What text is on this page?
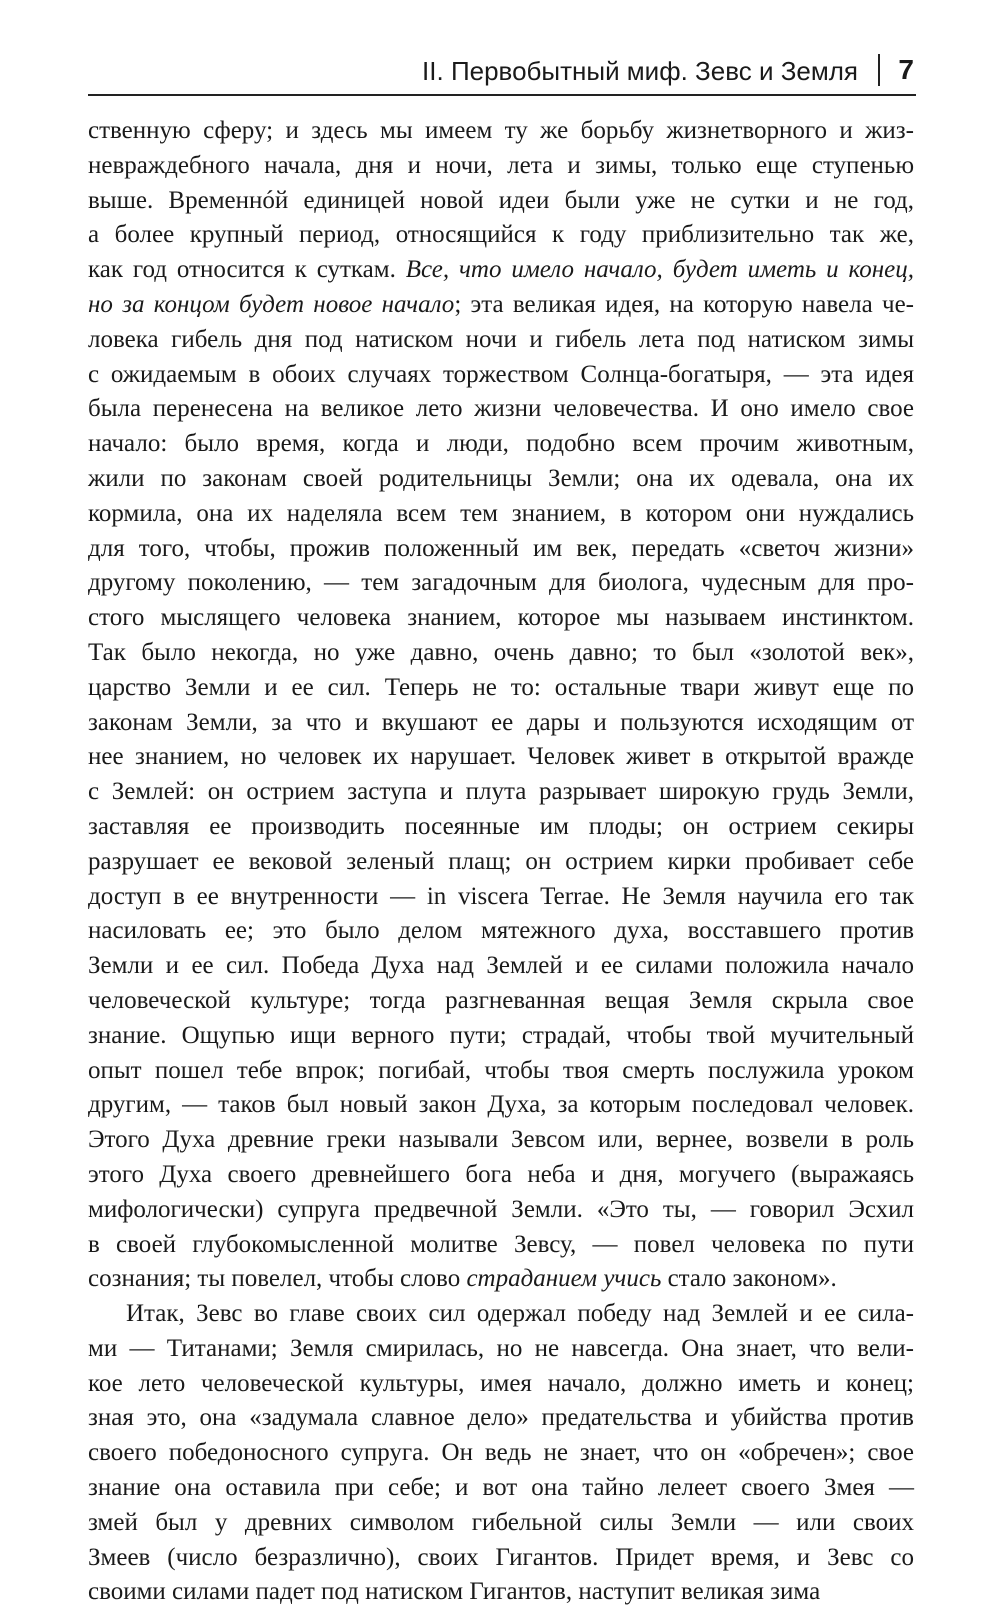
II. Первобытный миф. Зевс и Земля 7
ственную сферу; и здесь мы имеем ту же борьбу жизнетворного и жиз-
невраждебного начала, дня и ночи, лета и зимы, только еще ступенью
выше. Временнóй единицей новой идеи были уже не сутки и не год,
а более крупный период, относящийся к году приблизительно так же,
как год относится к суткам. Все, что имело начало, будет иметь и конец,
но за концом будет новое начало; эта великая идея, на которую навела че-
ловека гибель дня под натиском ночи и гибель лета под натиском зимы
с ожидаемым в обоих случаях торжеством Солнца-богатыря, — эта идея
была перенесена на великое лето жизни человечества. И оно имело свое
начало: было время, когда и люди, подобно всем прочим животным,
жили по законам своей родительницы Земли; она их одевала, она их
кормила, она их наделяла всем тем знанием, в котором они нуждались
для того, чтобы, прожив положенный им век, передать «светоч жизни»
другому поколению, — тем загадочным для биолога, чудесным для про-
стого мыслящего человека знанием, которое мы называем инстинктом.
Так было некогда, но уже давно, очень давно; то был «золотой век»,
царство Земли и ее сил. Теперь не то: остальные твари живут еще по
законам Земли, за что и вкушают ее дары и пользуются исходящим от
нее знанием, но человек их нарушает. Человек живет в открытой вражде
с Землей: он острием заступа и плута разрывает широкую грудь Земли,
заставляя ее производить посеянные им плоды; он острием секиры
разрушает ее вековой зеленый плащ; он острием кирки пробивает себе
доступ в ее внутренности — in viscera Terrae. Не Земля научила его так
насиловать ее; это было делом мятежного духа, восставшего против
Земли и ее сил. Победа Духа над Землей и ее силами положила начало
человеческой культуре; тогда разгневанная вещая Земля скрыла свое
знание. Ощупью ищи верного пути; страдай, чтобы твой мучительный
опыт пошел тебе впрок; погибай, чтобы твоя смерть послужила уроком
другим, — таков был новый закон Духа, за которым последовал человек.
Этого Духа древние греки называли Зевсом или, вернее, возвели в роль
этого Духа своего древнейшего бога неба и дня, могучего (выражаясь
мифологически) супруга предвечной Земли. «Это ты, — говорил Эсхил
в своей глубокомысленной молитве Зевсу, — повел человека по пути
сознания; ты повелел, чтобы слово страданием учись стало законом».
Итак, Зевс во главе своих сил одержал победу над Землей и ее сила-
ми — Титанами; Земля смирилась, но не навсегда. Она знает, что вели-
кое лето человеческой культуры, имея начало, должно иметь и конец;
зная это, она «задумала славное дело» предательства и убийства против
своего победоносного супруга. Он ведь не знает, что он «обречен»; свое
знание она оставила при себе; и вот она тайно лелеет своего Змея —
змей был у древних символом гибельной силы Земли — или своих
Змеев (число безразлично), своих Гигантов. Придет время, и Зевс со
своими силами падет под натиском Гигантов, наступит великая зима
